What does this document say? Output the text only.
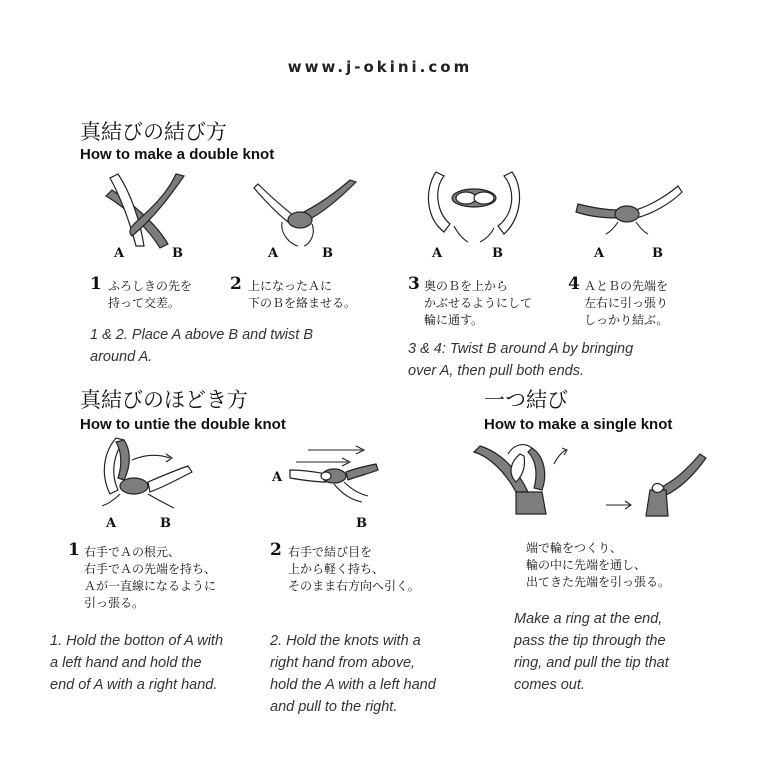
www.j-okini.com
真結びの結び方
How to make a double knot
A	B	A	B	A	B	A	B
1 ふろしきの先を
持って交差。
2 上になったＡに
下のＢを絡ませる。
3 奥のＢを上から
かぶせるようにして
輪に通す。
4 ＡとＢの先端を
左右に引っ張り
しっかり結ぶ。
1 & 2. Place A above B and twist B
around A.	3 & 4: Twist B around A by bringing
over A, then pull both ends.
真結びのほどき方
How to untie the double knot
A	B
A
B
1 右手でＡの根元、
右手でＡの先端を持ち、
Ａが一直線になるように
引っ張る。
2 右手で結び目を
上から軽く持ち、
そのまま右方向へ引く。
1. Hold the botton of A with
a left hand and hold the
end of A with a right hand.
2. Hold the knots with a
right hand from above,
hold the A with a left hand
and pull to the right.
一つ結び
How to make a single knot
端で輪をつくり、
輪の中に先端を通し、
出てきた先端を引っ張る。
Make a ring at the end,
pass the tip through the
ring, and pull the tip that
comes out.
